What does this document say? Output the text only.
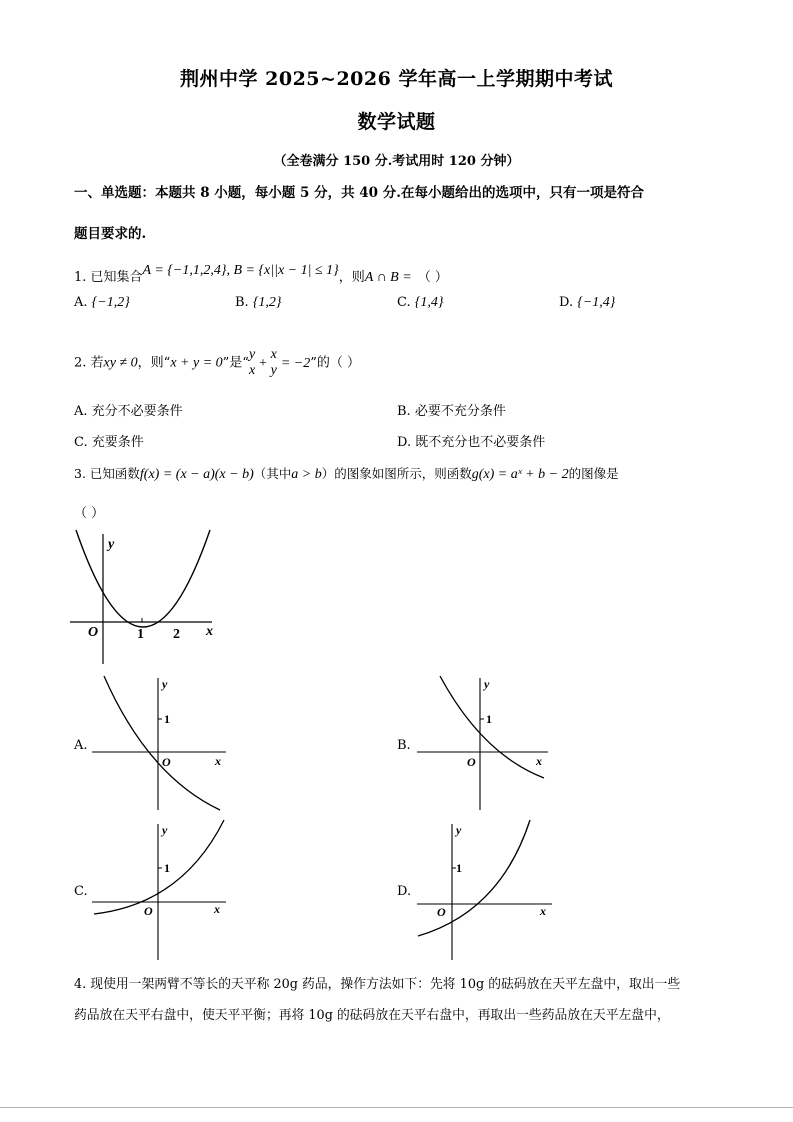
荆州中学 2025~2026 学年高一上学期期中考试
数学试题
（全卷满分 150 分.考试用时 120 分钟）
一、单选题：本题共 8 小题，每小题 5 分，共 40 分.在每小题给出的选项中，只有一项是符合
题目要求的.
1. 已知集合A = {−1,1,2,4}, B = {x||x − 1| ≤ 1}，则A ∩ B = （ ）
A. {−1,2}	B. {1,2}	C. {1,4}	D. {−1,4}
2. 若xy ≠ 0，则“x + y = 0”是“
y
x +
x
y = −2”的（ ）
A. 充分不必要条件	B. 必要不充分条件
C. 充要条件	D. 既不充分也不必要条件
3. 已知函数f(x) = (x − a)(x − b)（其中a > b）的图象如图所示，则函数g(x) = aˣ + b − 2的图像是
（ ）
y
x
O	1 2
A.
y
1
O	x
B.
y
1
O	x
C.
y
1
O	x
D.
y
1
O	x
4. 现使用一架两臂不等长的天平称 20g 药品，操作方法如下：先将 10g 的砝码放在天平左盘中，取出一些
药品放在天平右盘中，使天平平衡；再将 10g 的砝码放在天平右盘中，再取出一些药品放在天平左盘中，
